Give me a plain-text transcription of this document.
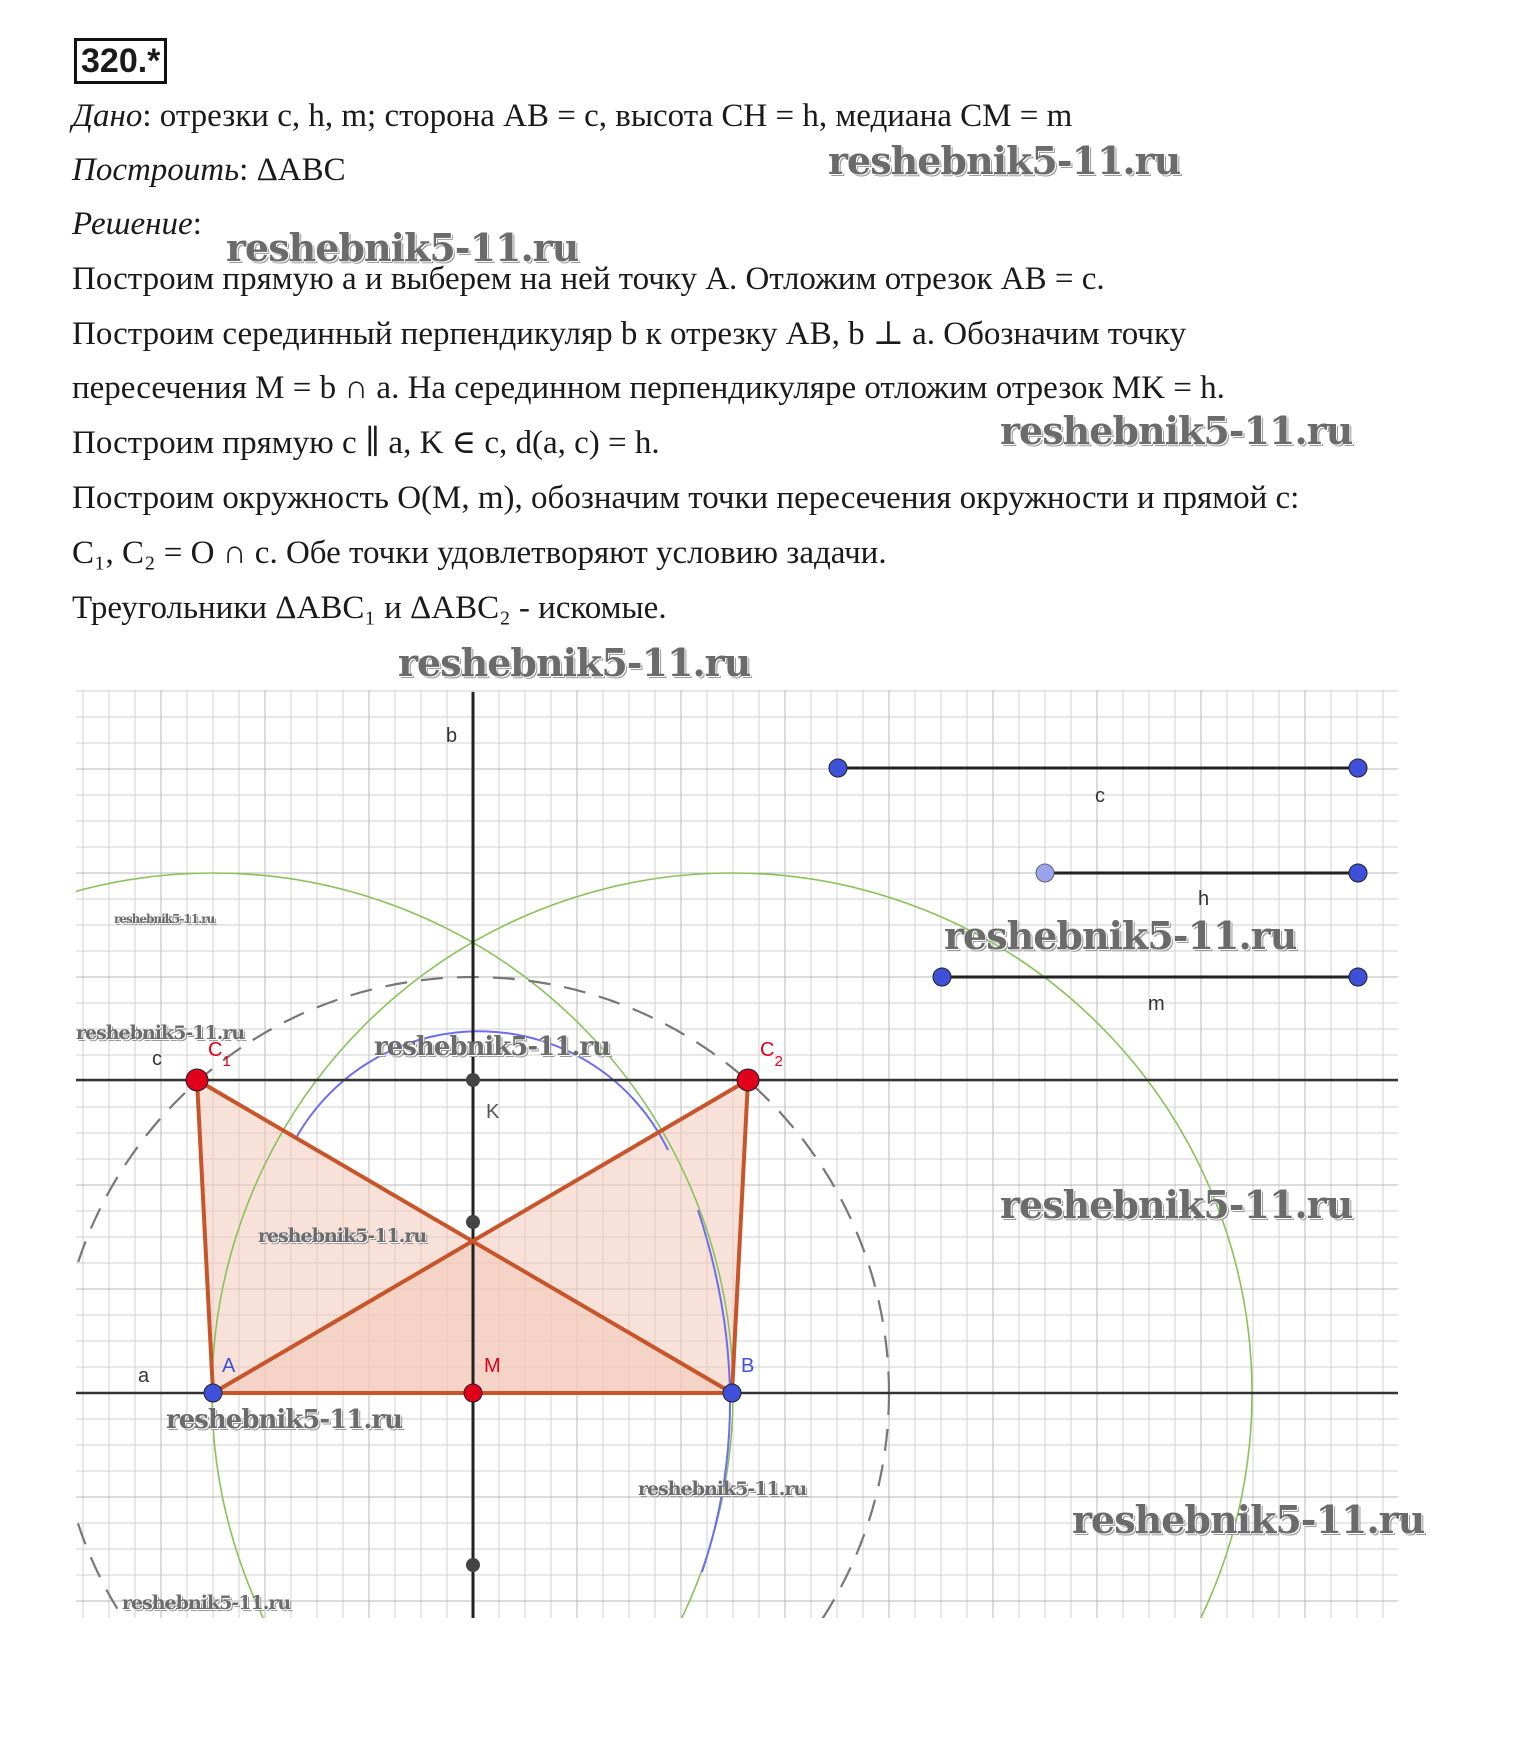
320.*
Дано: отрезки c, h, m; сторона AB = c, высота CH = h, медиана CM = m
Построить: ΔABC
Решение:
Построим прямую a и выберем на ней точку A. Отложим отрезок AB = c.
Построим серединный перпендикуляр b к отрезку AB, b ⊥ a. Обозначим точку
пересечения M = b ∩ a. На серединном перпендикуляре отложим отрезок MK = h.
Построим прямую c ∥ a, K ∈ c, d(a, c) = h.
Построим окружность O(M, m), обозначим точки пересечения окружности и прямой c:
C₁, C₂ = O ∩ c. Обе точки удовлетворяют условию задачи.
Треугольники ΔABC₁ и ΔABC₂ - искомые.
b
c
h
m
c
a
K
$C_1$
$C_2$
A	M	B
reshebnik5-11.ru
reshebnik5-11.ru
reshebnik5-11.ru
reshebnik5-11.ru
reshebnik5-11.ru
reshebnik5-11.ru
reshebnik5-11.ru	reshebnik5-11.ru
reshebnik5-11.ru
reshebnik5-11.ru
reshebnik5-11.ru
reshebnik5-11.ru
reshebnik5-11.ru
reshebnik5-11.ru
